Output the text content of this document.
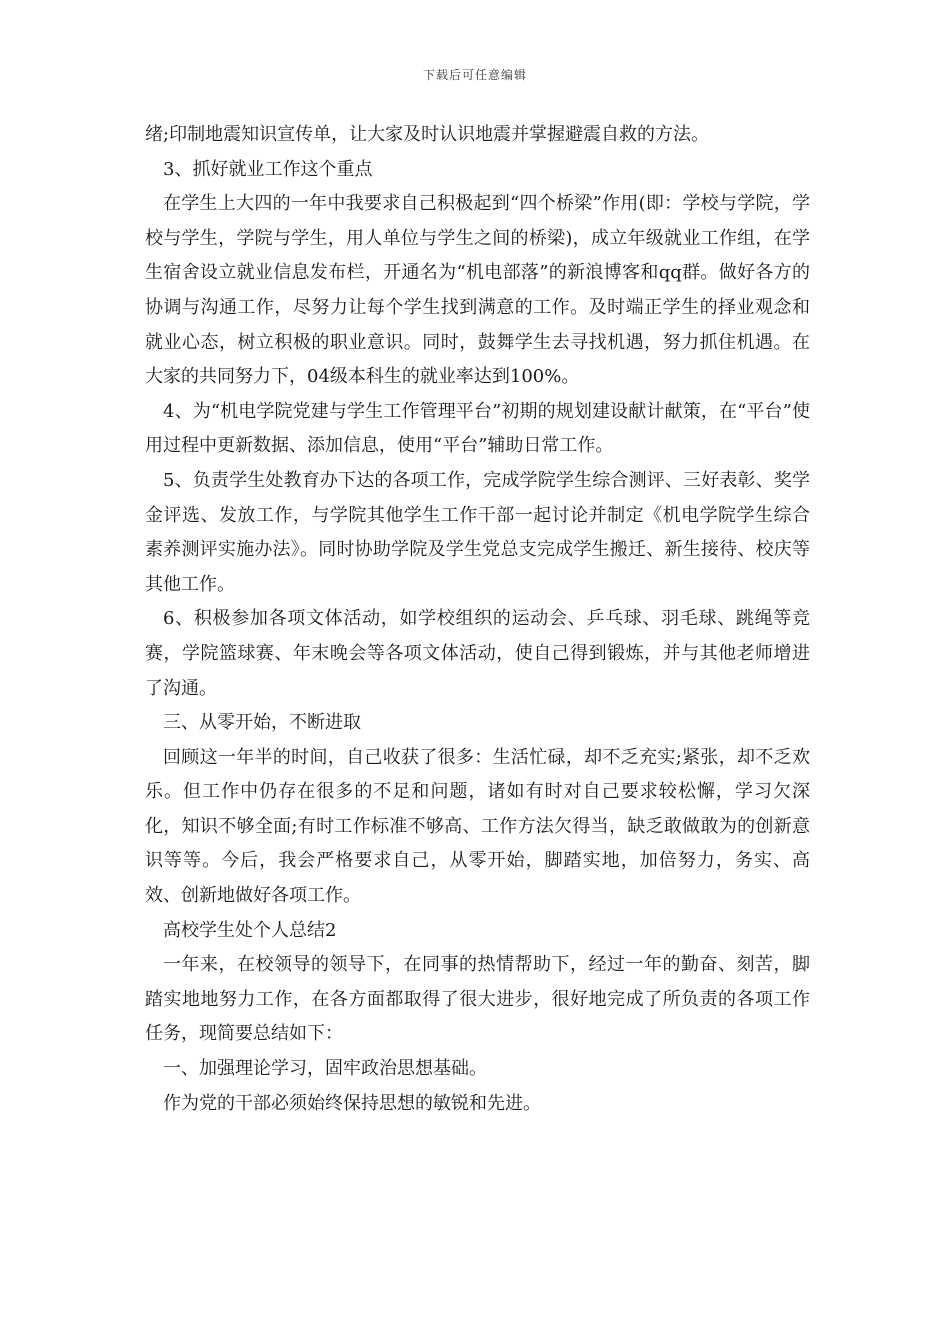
下载后可任意编辑

绪;印制地震知识宣传单，让大家及时认识地震并掌握避震自救的方法。

3、抓好就业工作这个重点

在学生上大四的一年中我要求自己积极起到“四个桥梁”作用(即：学校与学院，学校与学生，学院与学生，用人单位与学生之间的桥梁)，成立年级就业工作组，在学生宿舍设立就业信息发布栏，开通名为“机电部落”的新浪博客和qq群。做好各方的协调与沟通工作，尽努力让每个学生找到满意的工作。及时端正学生的择业观念和就业心态，树立积极的职业意识。同时，鼓舞学生去寻找机遇，努力抓住机遇。在大家的共同努力下，04级本科生的就业率达到100%。

4、为“机电学院党建与学生工作管理平台”初期的规划建设献计献策，在“平台”使用过程中更新数据、添加信息，使用“平台”辅助日常工作。

5、负责学生处教育办下达的各项工作，完成学院学生综合测评、三好表彰、奖学金评选、发放工作，与学院其他学生工作干部一起讨论并制定《机电学院学生综合素养测评实施办法》。同时协助学院及学生党总支完成学生搬迁、新生接待、校庆等其他工作。

6、积极参加各项文体活动，如学校组织的运动会、乒乓球、羽毛球、跳绳等竞赛，学院篮球赛、年末晚会等各项文体活动，使自己得到锻炼，并与其他老师增进了沟通。

三、从零开始，不断进取

回顾这一年半的时间，自己收获了很多：生活忙碌，却不乏充实;紧张，却不乏欢乐。但工作中仍存在很多的不足和问题，诸如有时对自己要求较松懈，学习欠深化，知识不够全面;有时工作标准不够高、工作方法欠得当，缺乏敢做敢为的创新意识等等。今后，我会严格要求自己，从零开始，脚踏实地，加倍努力，务实、高效、创新地做好各项工作。

高校学生处个人总结2

一年来，在校领导的领导下，在同事的热情帮助下，经过一年的勤奋、刻苦，脚踏实地地努力工作，在各方面都取得了很大进步，很好地完成了所负责的各项工作任务，现简要总结如下：

一、加强理论学习，固牢政治思想基础。

作为党的干部必须始终保持思想的敏锐和先进。
